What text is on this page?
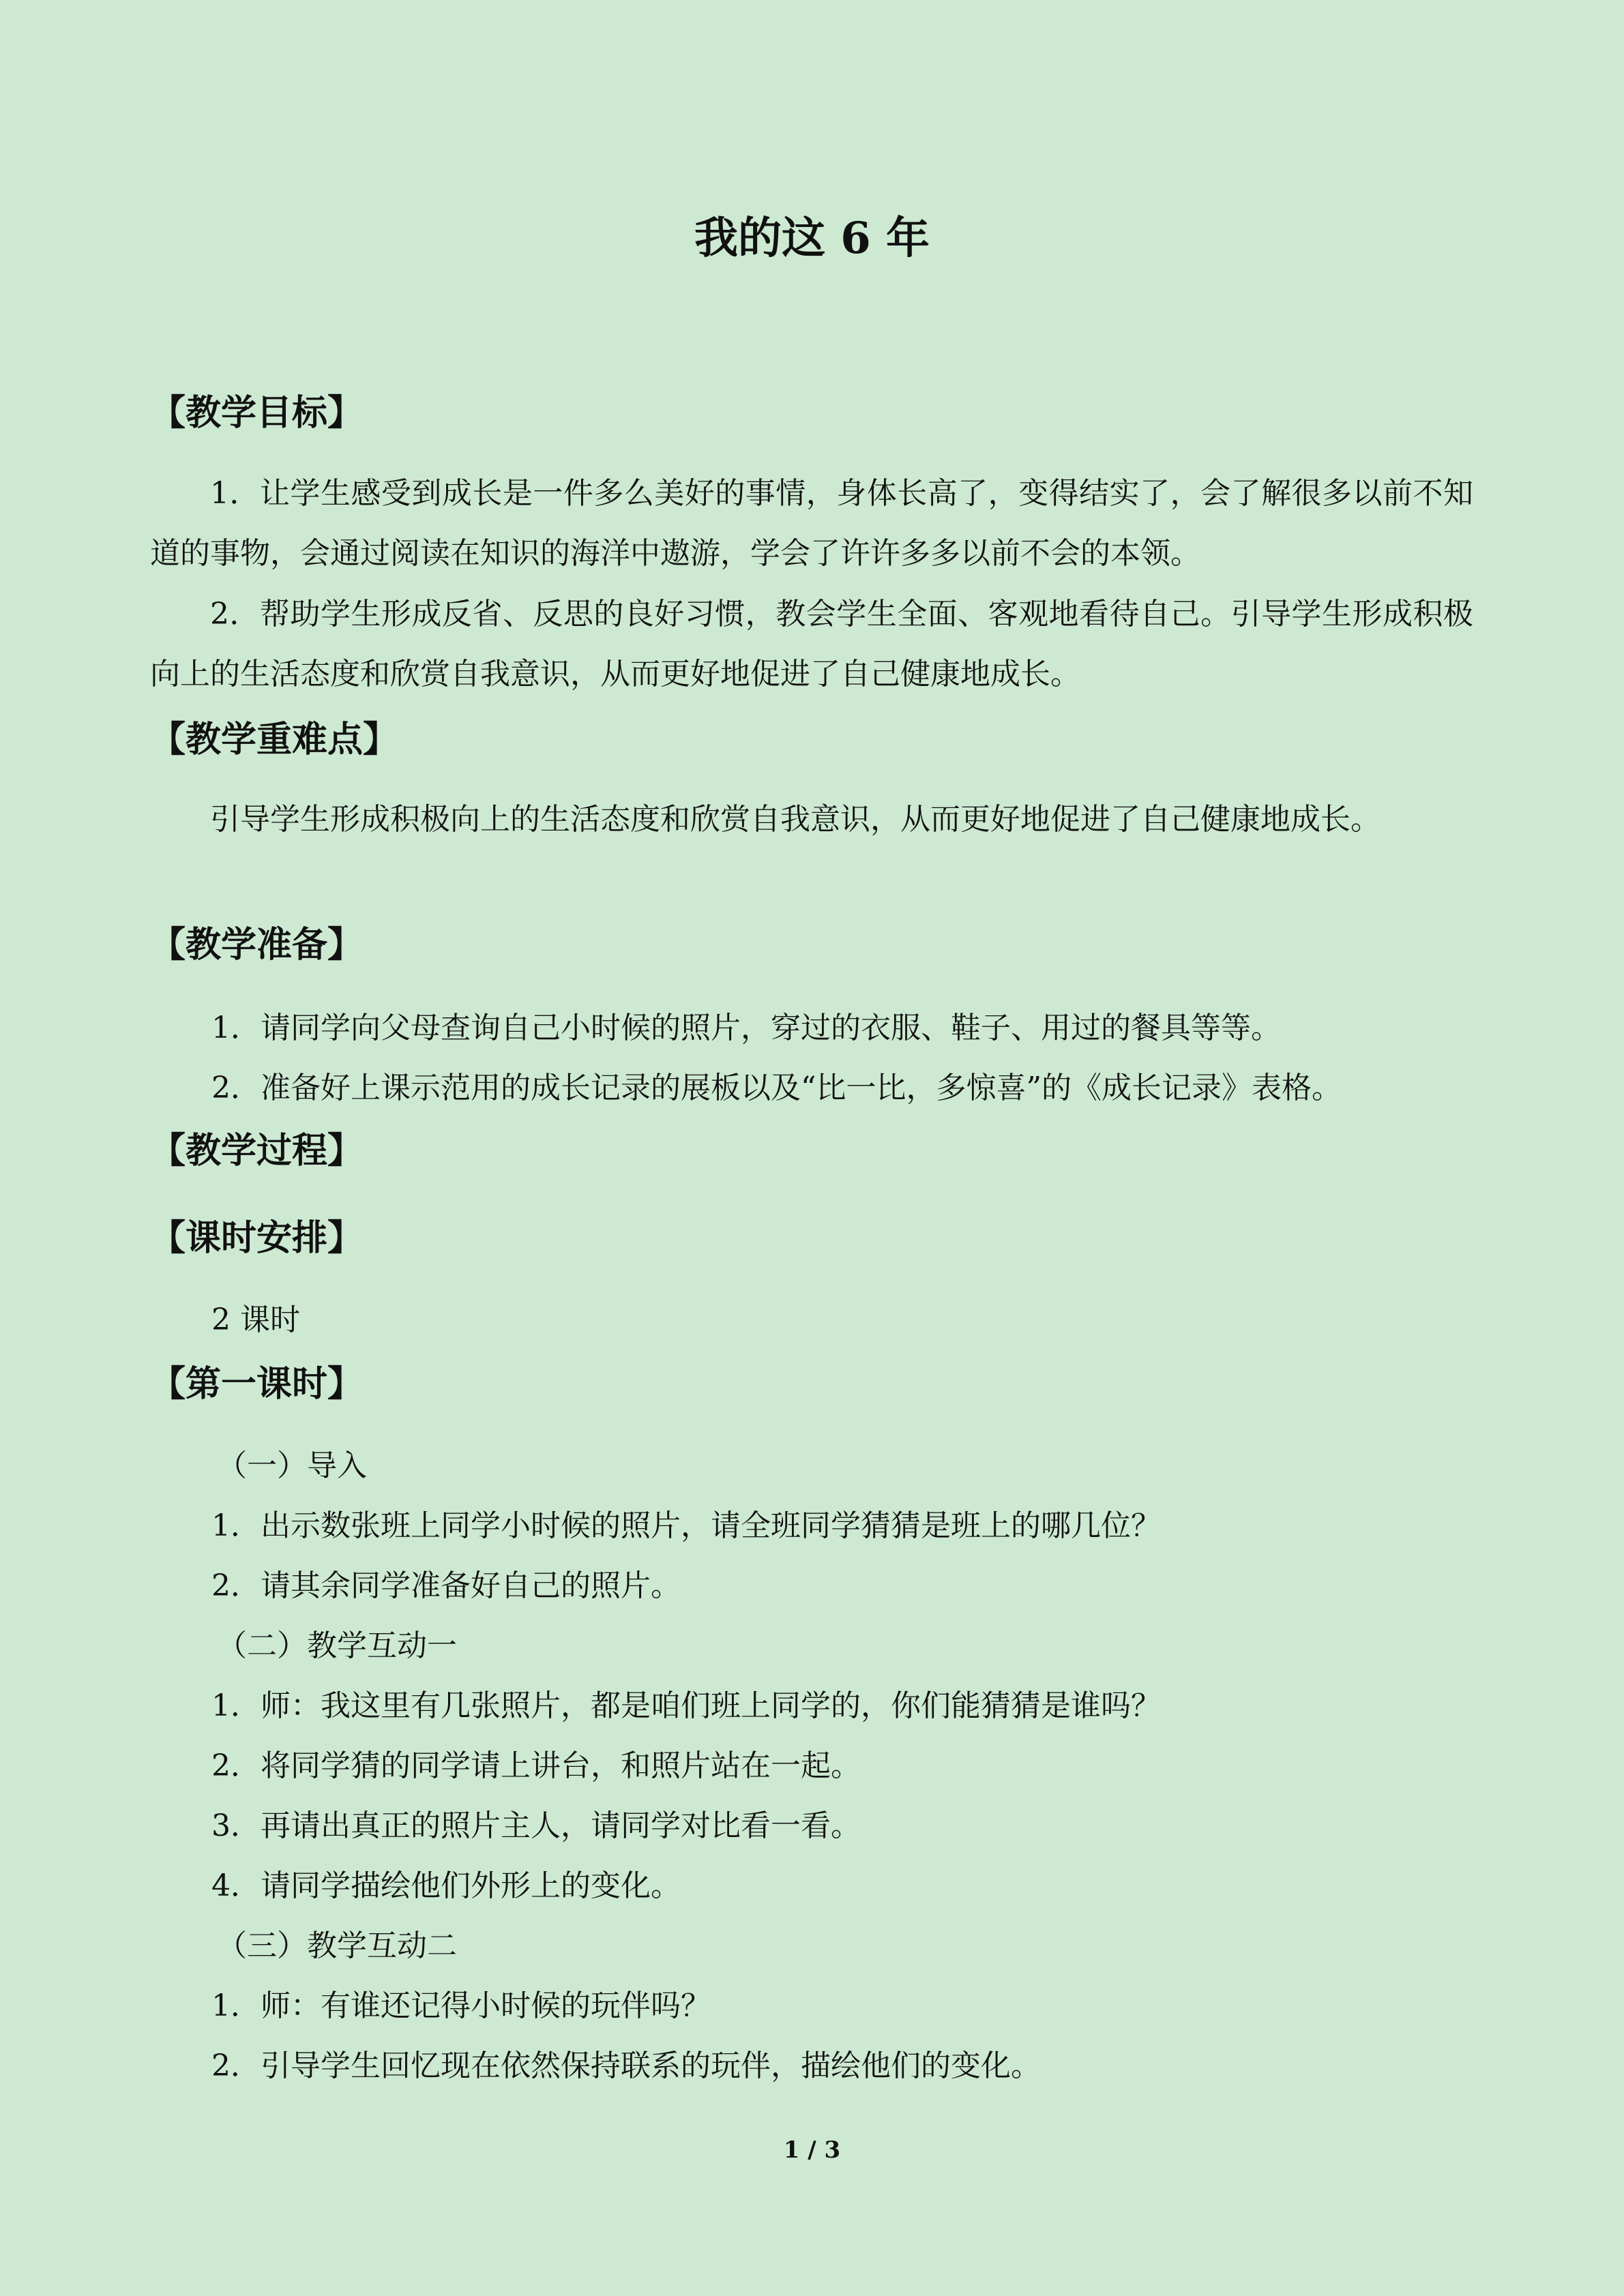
我的这 6 年
【教学目标】

1．让学生感受到成长是一件多么美好的事情，身体长高了，变得结实了，会了解很多以前不知道的事物，会通过阅读在知识的海洋中遨游，学会了许许多多以前不会的本领。

2．帮助学生形成反省、反思的良好习惯，教会学生全面、客观地看待自己。引导学生形成积极向上的生活态度和欣赏自我意识，从而更好地促进了自己健康地成长。

【教学重难点】

引导学生形成积极向上的生活态度和欣赏自我意识，从而更好地促进了自己健康地成长。

【教学准备】

1．请同学向父母查询自己小时候的照片，穿过的衣服、鞋子、用过的餐具等等。

2．准备好上课示范用的成长记录的展板以及“比一比，多惊喜”的《成长记录》表格。

【教学过程】
【课时安排】

2 课时

【第一课时】

（一）导入

1．出示数张班上同学小时候的照片，请全班同学猜猜是班上的哪几位？

2．请其余同学准备好自己的照片。

（二）教学互动一

1．师：我这里有几张照片，都是咱们班上同学的，你们能猜猜是谁吗？

2．将同学猜的同学请上讲台，和照片站在一起。

3．再请出真正的照片主人，请同学对比看一看。

4．请同学描绘他们外形上的变化。

（三）教学互动二

1．师：有谁还记得小时候的玩伴吗？

2．引导学生回忆现在依然保持联系的玩伴，描绘他们的变化。

1 / 3
